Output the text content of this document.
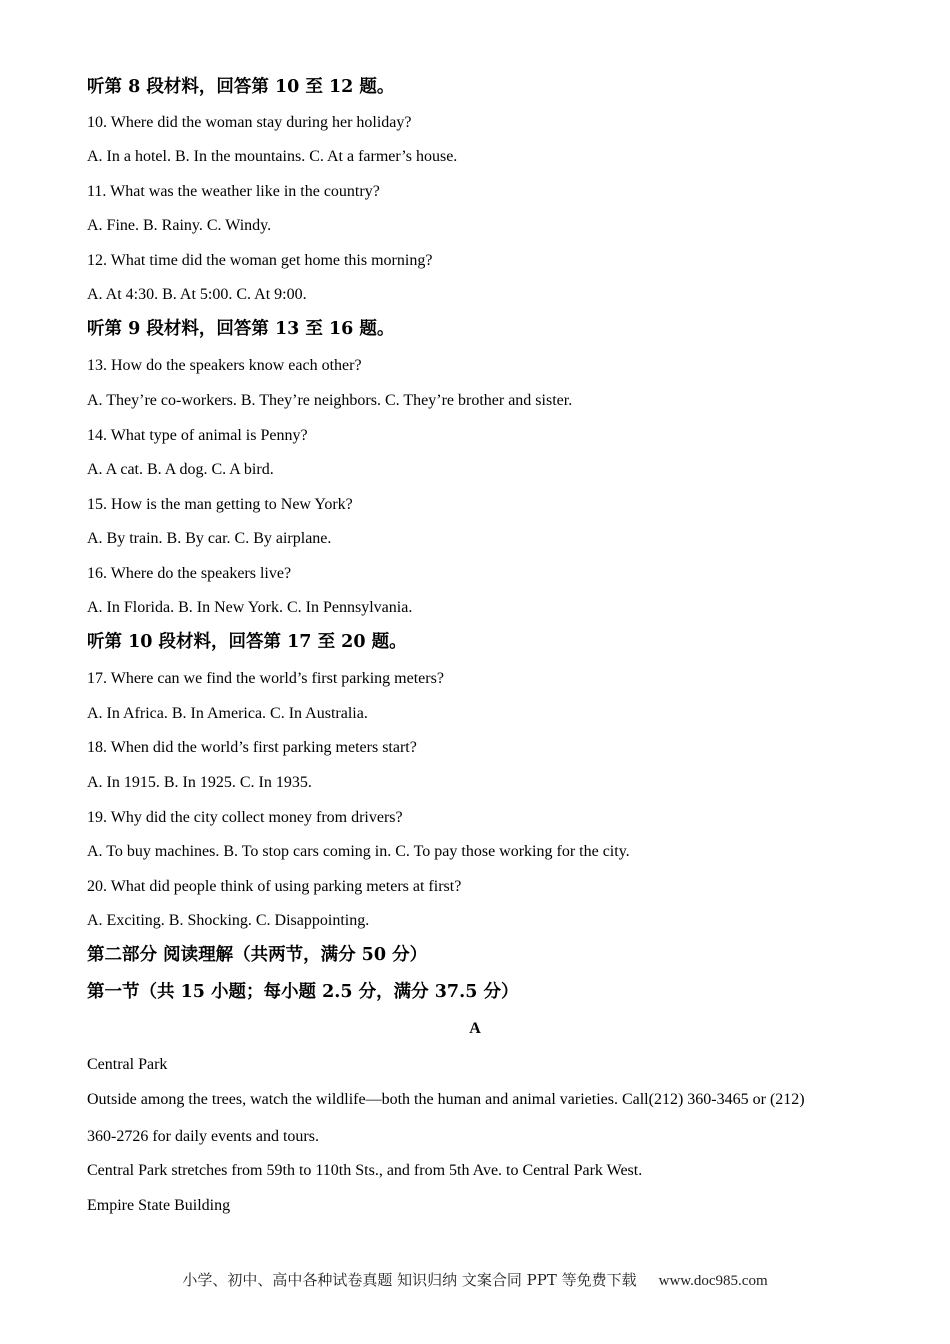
听第 8 段材料，回答第 10 至 12 题。
10. Where did the woman stay during her holiday?
A. In a hotel. B. In the mountains. C. At a farmer’s house.
11. What was the weather like in the country?
A. Fine. B. Rainy. C. Windy.
12. What time did the woman get home this morning?
A. At 4:30. B. At 5:00. C. At 9:00.
听第 9 段材料，回答第 13 至 16 题。
13. How do the speakers know each other?
A. They’re co-workers. B. They’re neighbors. C. They’re brother and sister.
14. What type of animal is Penny?
A. A cat. B. A dog. C. A bird.
15. How is the man getting to New York?
A. By train. B. By car. C. By airplane.
16. Where do the speakers live?
A. In Florida. B. In New York. C. In Pennsylvania.
听第 10 段材料，回答第 17 至 20 题。
17. Where can we find the world’s first parking meters?
A. In Africa. B. In America. C. In Australia.
18. When did the world’s first parking meters start?
A. In 1915. B. In 1925. C. In 1935.
19. Why did the city collect money from drivers?
A. To buy machines. B. To stop cars coming in. C. To pay those working for the city.
20. What did people think of using parking meters at first?
A. Exciting. B. Shocking. C. Disappointing.
第二部分 阅读理解（共两节，满分 50 分）
第一节（共 15 小题；每小题 2.5 分，满分 37.5 分）
A
Central Park
Outside among the trees, watch the wildlife—both the human and animal varieties. Call(212) 360-3465 or (212)
360-2726 for daily events and tours.
Central Park stretches from 59th to 110th Sts., and from 5th Ave. to Central Park West.
Empire State Building
小学、初中、高中各种试卷真题 知识归纳 文案合同 PPT 等免费下载 www.doc985.com
